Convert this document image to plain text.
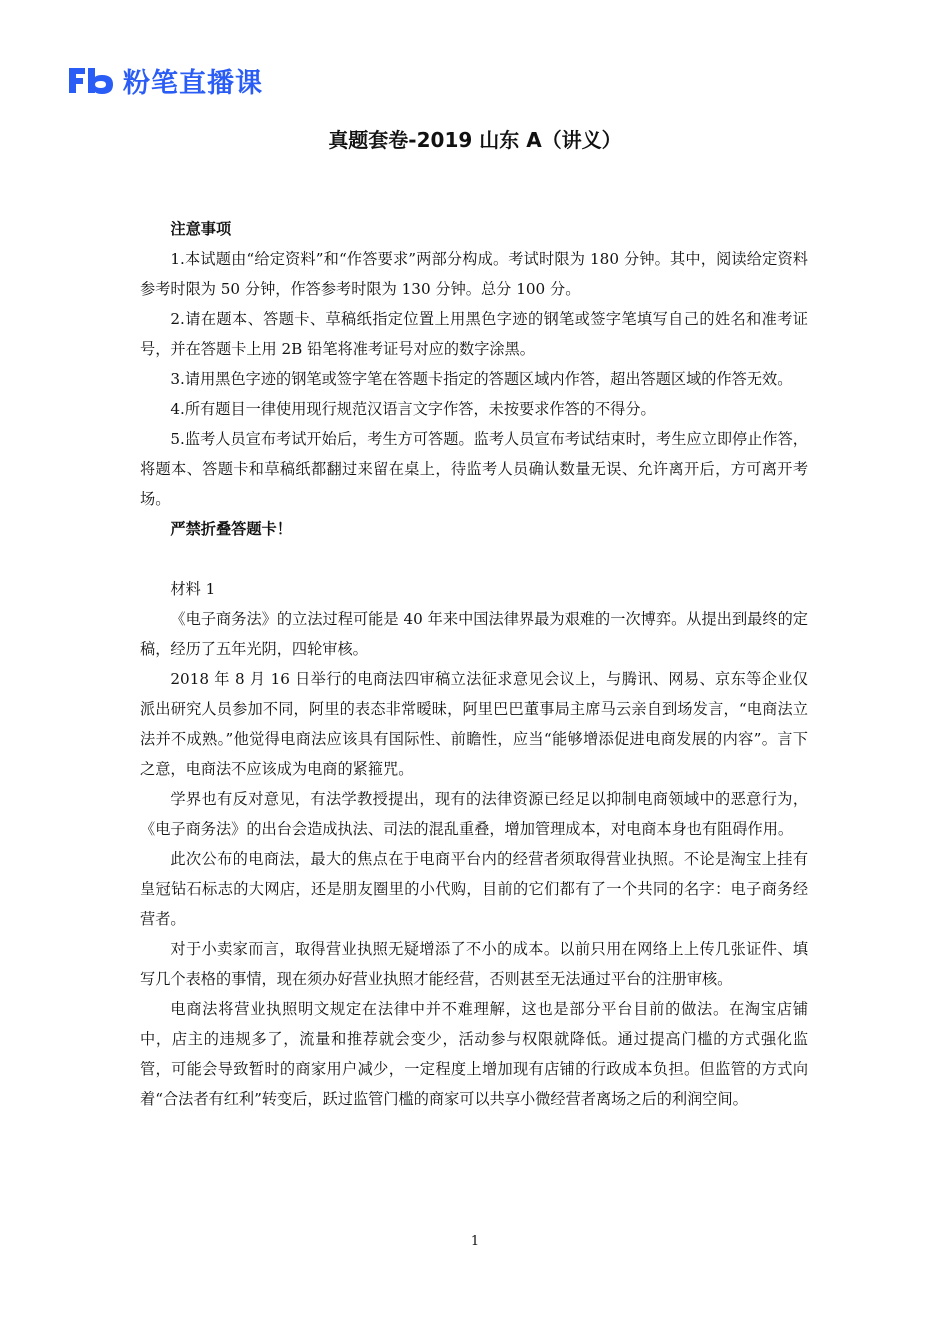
粉笔直播课
真题套卷-2019 山东 A（讲义）

注意事项

1.本试题由“给定资料”和“作答要求”两部分构成。考试时限为 180 分钟。其中，阅读给定资料参考时限为 50 分钟，作答参考时限为 130 分钟。总分 100 分。

2.请在题本、答题卡、草稿纸指定位置上用黑色字迹的钢笔或签字笔填写自己的姓名和准考证号，并在答题卡上用 2B 铅笔将准考证号对应的数字涂黑。

3.请用黑色字迹的钢笔或签字笔在答题卡指定的答题区域内作答，超出答题区域的作答无效。

4.所有题目一律使用现行规范汉语言文字作答，未按要求作答的不得分。

5.监考人员宣布考试开始后，考生方可答题。监考人员宣布考试结束时，考生应立即停止作答，将题本、答题卡和草稿纸都翻过来留在桌上，待监考人员确认数量无误、允许离开后，方可离开考场。

严禁折叠答题卡！

材料 1

《电子商务法》的立法过程可能是 40 年来中国法律界最为艰难的一次博弈。从提出到最终的定稿，经历了五年光阴，四轮审核。

2018 年 8 月 16 日举行的电商法四审稿立法征求意见会议上，与腾讯、网易、京东等企业仅派出研究人员参加不同，阿里的表态非常暧昧，阿里巴巴董事局主席马云亲自到场发言，“电商法立法并不成熟。”他觉得电商法应该具有国际性、前瞻性，应当“能够增添促进电商发展的内容”。言下之意，电商法不应该成为电商的紧箍咒。

学界也有反对意见，有法学教授提出，现有的法律资源已经足以抑制电商领域中的恶意行为，《电子商务法》的出台会造成执法、司法的混乱重叠，增加管理成本，对电商本身也有阻碍作用。

此次公布的电商法，最大的焦点在于电商平台内的经营者须取得营业执照。不论是淘宝上挂有皇冠钻石标志的大网店，还是朋友圈里的小代购，目前的它们都有了一个共同的名字：电子商务经营者。

对于小卖家而言，取得营业执照无疑增添了不小的成本。以前只用在网络上上传几张证件、填写几个表格的事情，现在须办好营业执照才能经营，否则甚至无法通过平台的注册审核。

电商法将营业执照明文规定在法律中并不难理解，这也是部分平台目前的做法。在淘宝店铺中，店主的违规多了，流量和推荐就会变少，活动参与权限就降低。通过提高门槛的方式强化监管，可能会导致暂时的商家用户减少，一定程度上增加现有店铺的行政成本负担。但监管的方式向着“合法者有红利”转变后，跃过监管门槛的商家可以共享小微经营者离场之后的利润空间。

1
